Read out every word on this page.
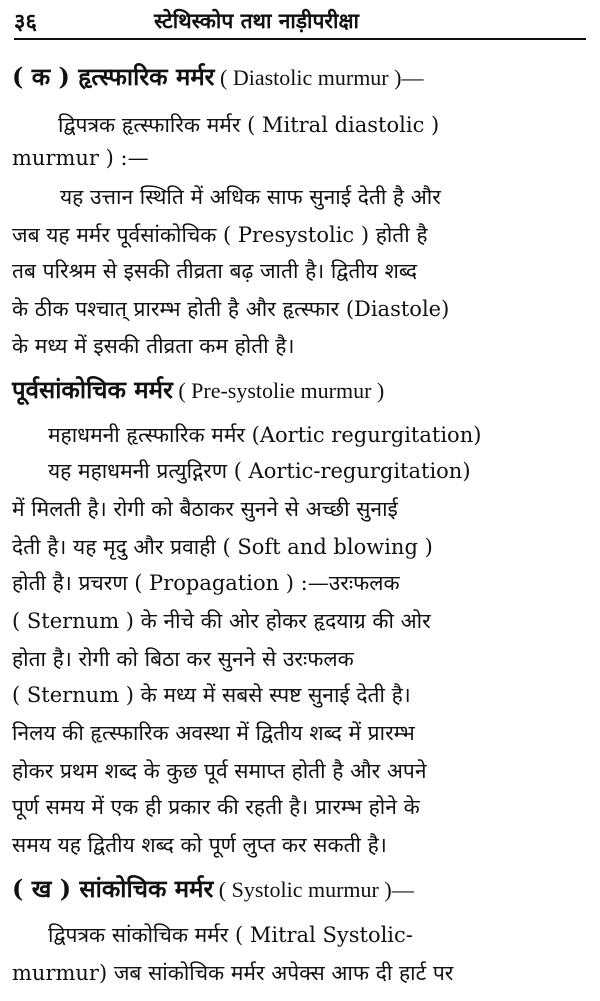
३६	स्टेथिस्कोप तथा नाड़ीपरीक्षा
( क ) हृत्स्फारिक मर्मर ( Diastolic murmur )—
द्विपत्रक हृत्स्फारिक मर्मर ( Mitral diastolic )
murmur ) :—
यह उत्तान स्थिति में अधिक साफ सुनाई देती है और
जब यह मर्मर पूर्वसांकोचिक ( Presystolic ) होती है
तब परिश्रम से इसकी तीव्रता बढ़ जाती है। द्वितीय शब्द
के ठीक पश्चात् प्रारम्भ होती है और हृत्स्फार (Diastole)
के मध्य में इसकी तीव्रता कम होती है।
पूर्वसांकोचिक मर्मर ( Pre-systolie murmur )
महाधमनी हृत्स्फारिक मर्मर (Aortic regurgitation)
यह महाधमनी प्रत्युद्गिरण ( Aortic-regurgitation)
में मिलती है। रोगी को बैठाकर सुनने से अच्छी सुनाई
देती है। यह मृदु और प्रवाही ( Soft and blowing )
होती है। प्रचरण ( Propagation ) :—उरःफलक
( Sternum ) के नीचे की ओर होकर हृदयाग्र की ओर
होता है। रोगी को बिठा कर सुनने से उरःफलक
( Sternum ) के मध्य में सबसे स्पष्ट सुनाई देती है।
निलय की हृत्स्फारिक अवस्था में द्वितीय शब्द में प्रारम्भ
होकर प्रथम शब्द के कुछ पूर्व समाप्त होती है और अपने
पूर्ण समय में एक ही प्रकार की रहती है। प्रारम्भ होने के
समय यह द्वितीय शब्द को पूर्ण लुप्त कर सकती है।
( ख ) सांकोचिक मर्मर ( Systolic murmur )—
द्विपत्रक सांकोचिक मर्मर ( Mitral Systolic-
murmur) जब सांकोचिक मर्मर अपेक्स आफ दी हार्ट पर
